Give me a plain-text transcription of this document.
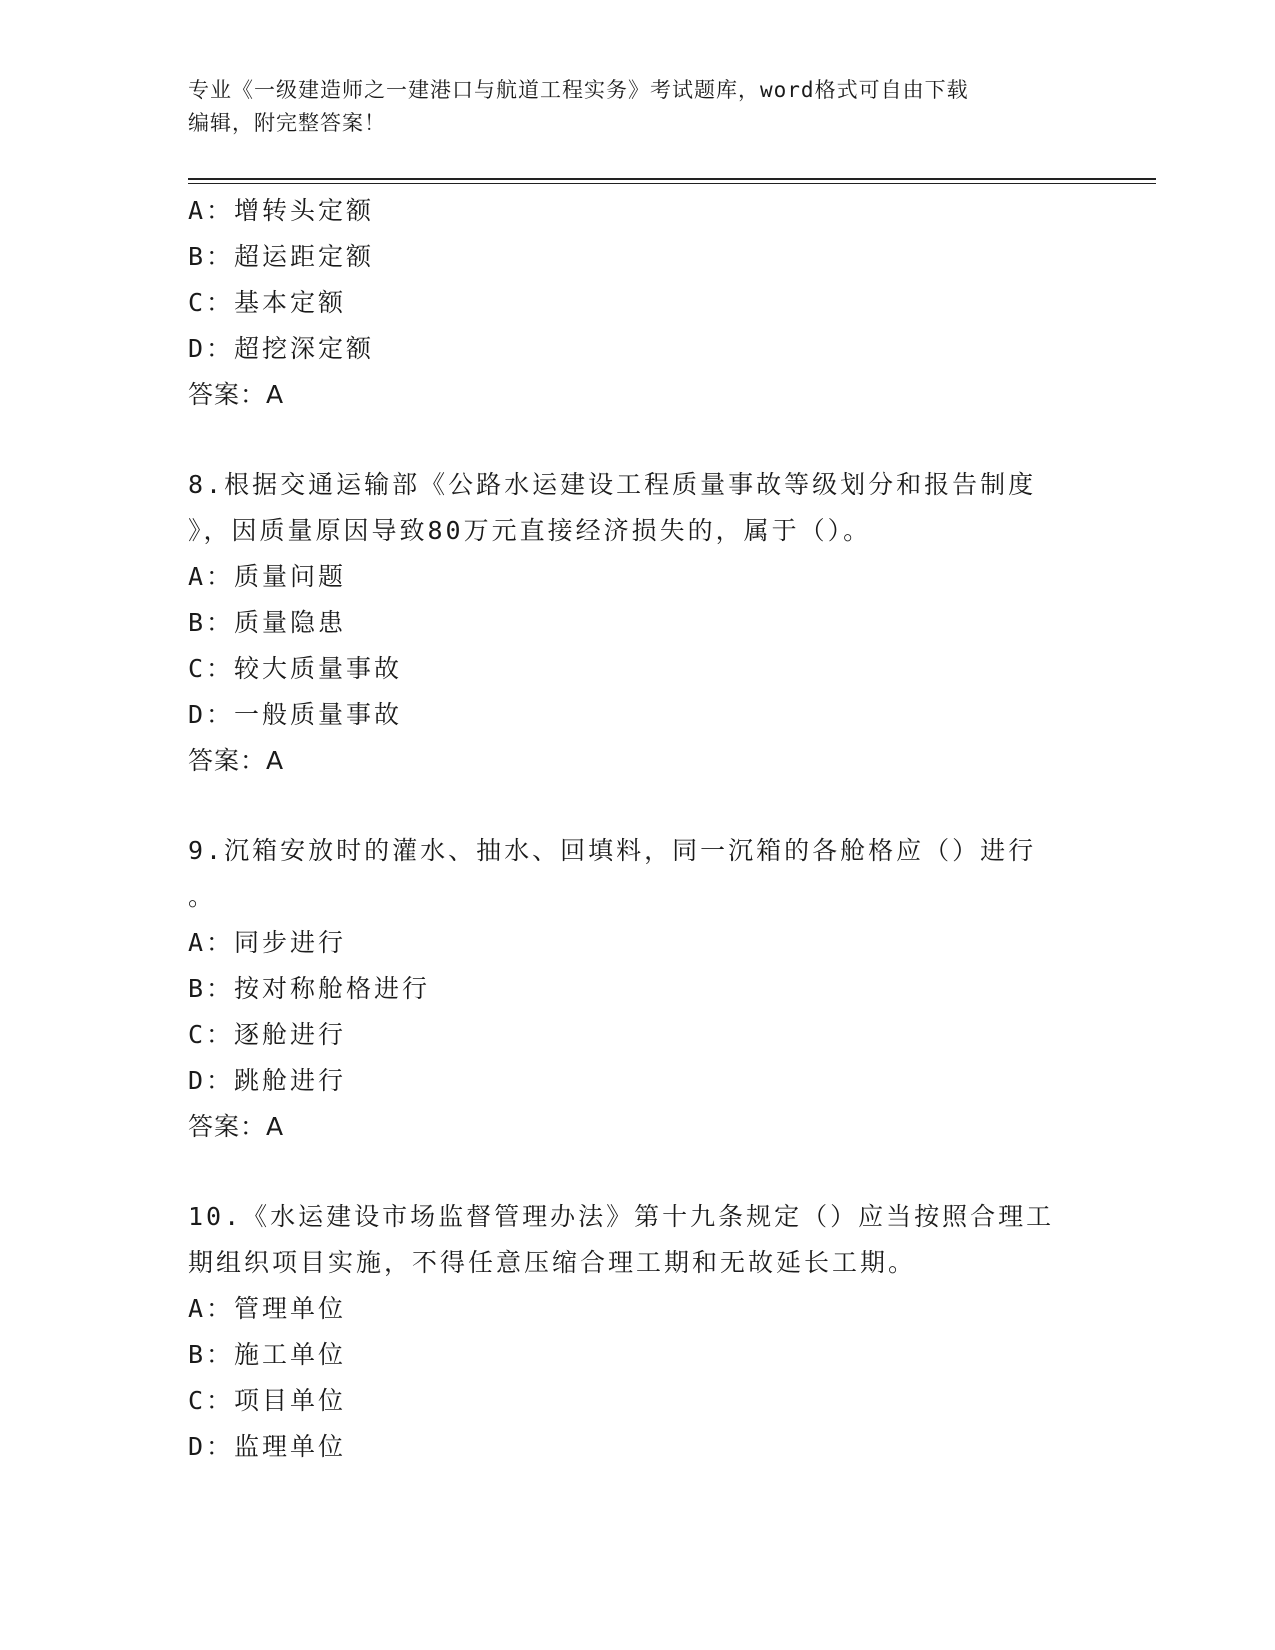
专业《一级建造师之一建港口与航道工程实务》考试题库，word格式可自由下载
编辑，附完整答案！
A：增转头定额
B：超运距定额
C：基本定额
D：超挖深定额
答案：A
8.根据交通运输部《公路水运建设工程质量事故等级划分和报告制度
》，因质量原因导致80万元直接经济损失的，属于（）。
A：质量问题
B：质量隐患
C：较大质量事故
D：一般质量事故
答案：A
9.沉箱安放时的灌水、抽水、回填料，同一沉箱的各舱格应（）进行
。
A：同步进行
B：按对称舱格进行
C：逐舱进行
D：跳舱进行
答案：A
10.《水运建设市场监督管理办法》第十九条规定（）应当按照合理工
期组织项目实施，不得任意压缩合理工期和无故延长工期。
A：管理单位
B：施工单位
C：项目单位
D：监理单位
